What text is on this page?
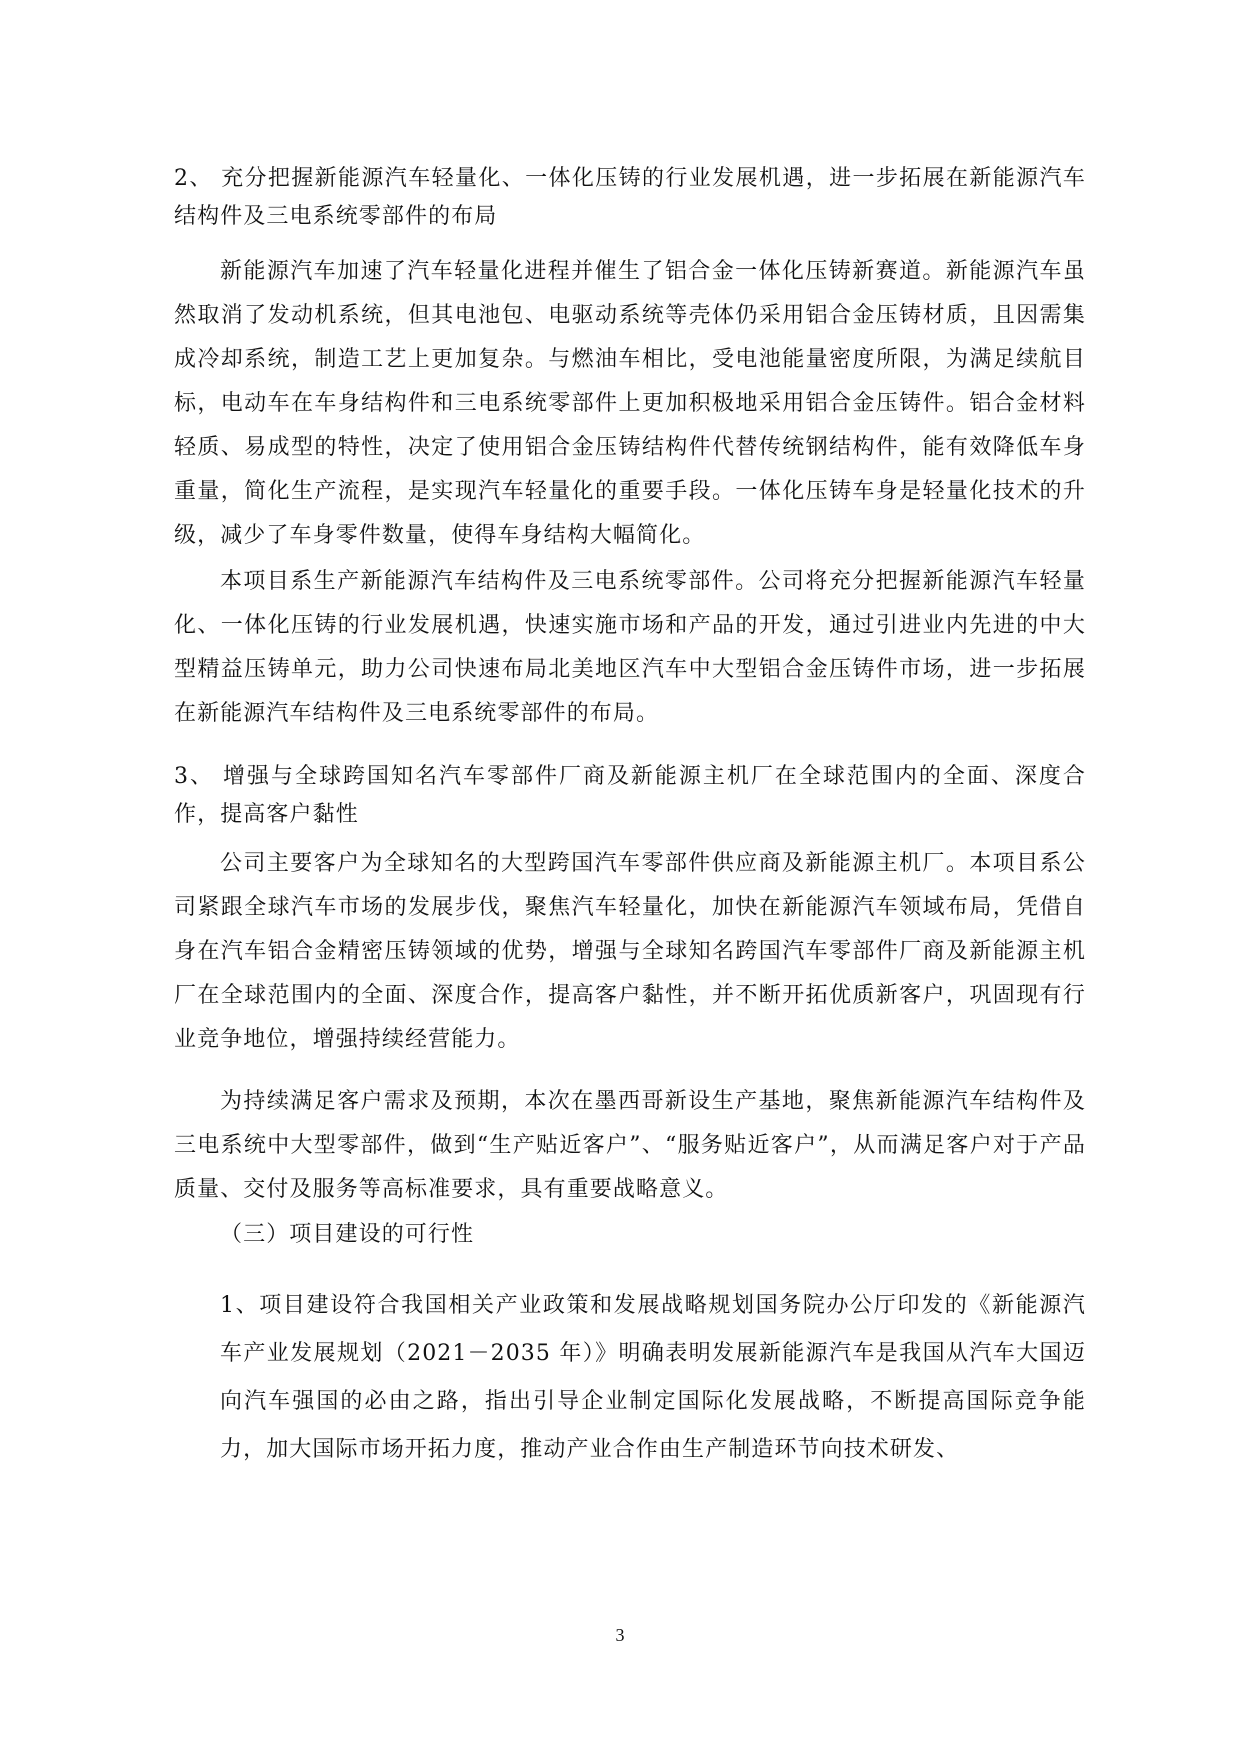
2、 充分把握新能源汽车轻量化、一体化压铸的行业发展机遇，进一步拓展在新能源汽车结构件及三电系统零部件的布局
新能源汽车加速了汽车轻量化进程并催生了铝合金一体化压铸新赛道。新能源汽车虽然取消了发动机系统，但其电池包、电驱动系统等壳体仍采用铝合金压铸材质，且因需集成冷却系统，制造工艺上更加复杂。与燃油车相比，受电池能量密度所限，为满足续航目标，电动车在车身结构件和三电系统零部件上更加积极地采用铝合金压铸件。铝合金材料轻质、易成型的特性，决定了使用铝合金压铸结构件代替传统钢结构件，能有效降低车身重量，简化生产流程，是实现汽车轻量化的重要手段。一体化压铸车身是轻量化技术的升级，减少了车身零件数量，使得车身结构大幅简化。
本项目系生产新能源汽车结构件及三电系统零部件。公司将充分把握新能源汽车轻量化、一体化压铸的行业发展机遇，快速实施市场和产品的开发，通过引进业内先进的中大型精益压铸单元，助力公司快速布局北美地区汽车中大型铝合金压铸件市场，进一步拓展在新能源汽车结构件及三电系统零部件的布局。
3、 增强与全球跨国知名汽车零部件厂商及新能源主机厂在全球范围内的全面、深度合作，提高客户黏性
公司主要客户为全球知名的大型跨国汽车零部件供应商及新能源主机厂。本项目系公司紧跟全球汽车市场的发展步伐，聚焦汽车轻量化，加快在新能源汽车领域布局，凭借自身在汽车铝合金精密压铸领域的优势，增强与全球知名跨国汽车零部件厂商及新能源主机厂在全球范围内的全面、深度合作，提高客户黏性，并不断开拓优质新客户，巩固现有行业竞争地位，增强持续经营能力。
为持续满足客户需求及预期，本次在墨西哥新设生产基地，聚焦新能源汽车结构件及三电系统中大型零部件，做到“生产贴近客户”、“服务贴近客户”，从而满足客户对于产品质量、交付及服务等高标准要求，具有重要战略意义。
（三）项目建设的可行性
1、项目建设符合我国相关产业政策和发展战略规划国务院办公厅印发的《新能源汽车产业发展规划（2021－2035 年）》明确表明发展新能源汽车是我国从汽车大国迈向汽车强国的必由之路，指出引导企业制定国际化发展战略，不断提高国际竞争能力，加大国际市场开拓力度，推动产业合作由生产制造环节向技术研发、
3
